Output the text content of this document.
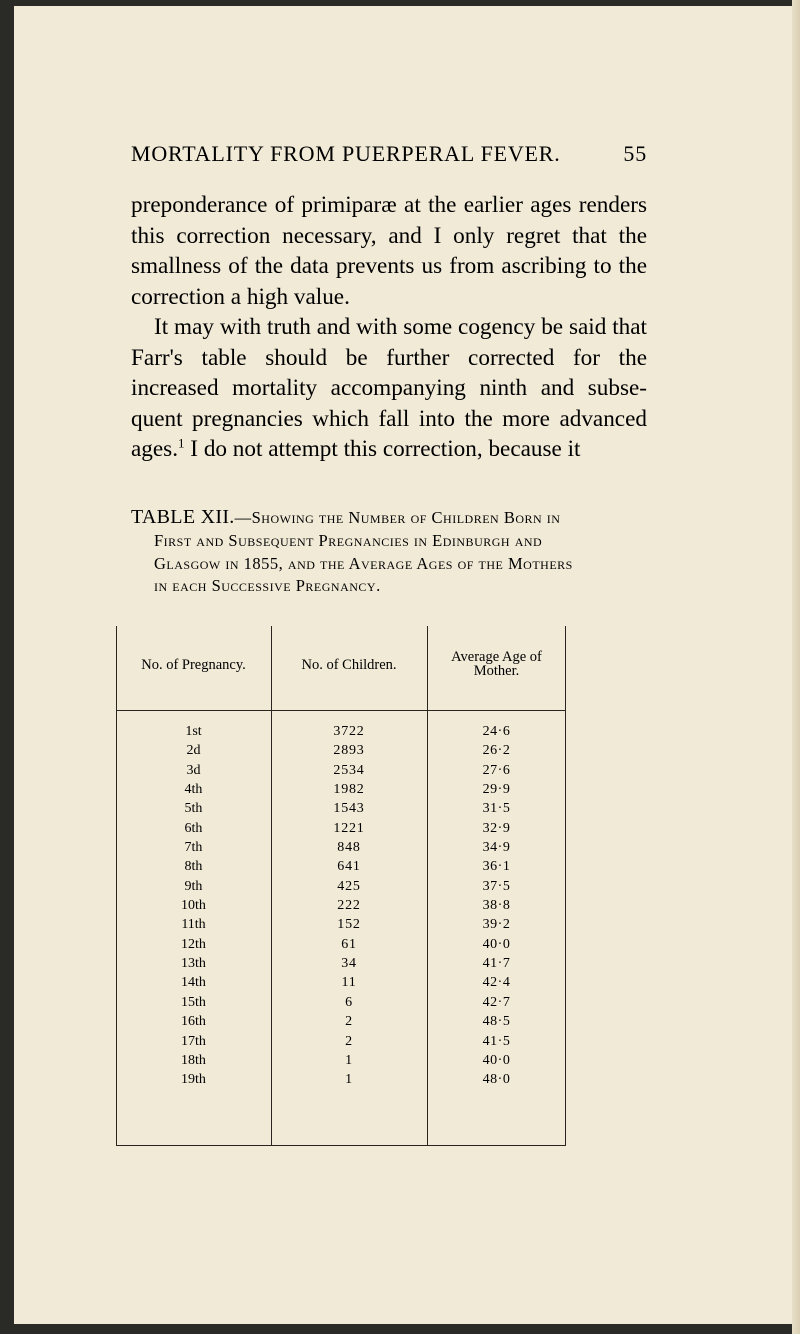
MORTALITY FROM PUERPERAL FEVER.	55

preponderance of primiparæ at the earlier ages renders this correction necessary, and I only regret that the smallness of the data prevents us from ascribing to the correction a high value.

It may with truth and with some cogency be said that Farr's table should be further corrected for the increased mortality accompanying ninth and subse-quent pregnancies which fall into the more advanced ages.$^1$ I do not attempt this correction, because it

TABLE XII.—Showing the Number of Children Born in
First and Subsequent Pregnancies in Edinburgh and
Glasgow in 1855, and the Average Ages of the Mothers
in each Successive Pregnancy.
No. of Pregnancy.	No. of Children.	Average Age of Mother.
1st	3722	24·6
2d	2893	26·2
3d	2534	27·6
4th	1982	29·9
5th	1543	31·5
6th	1221	32·9
7th	848	34·9
8th	641	36·1
9th	425	37·5
10th	222	38·8
11th	152	39·2
12th	61	40·0
13th	34	41·7
14th	11	42·4
15th	6	42·7
16th	2	48·5
17th	2	41·5
18th	1	40·0
19th	1	48·0
